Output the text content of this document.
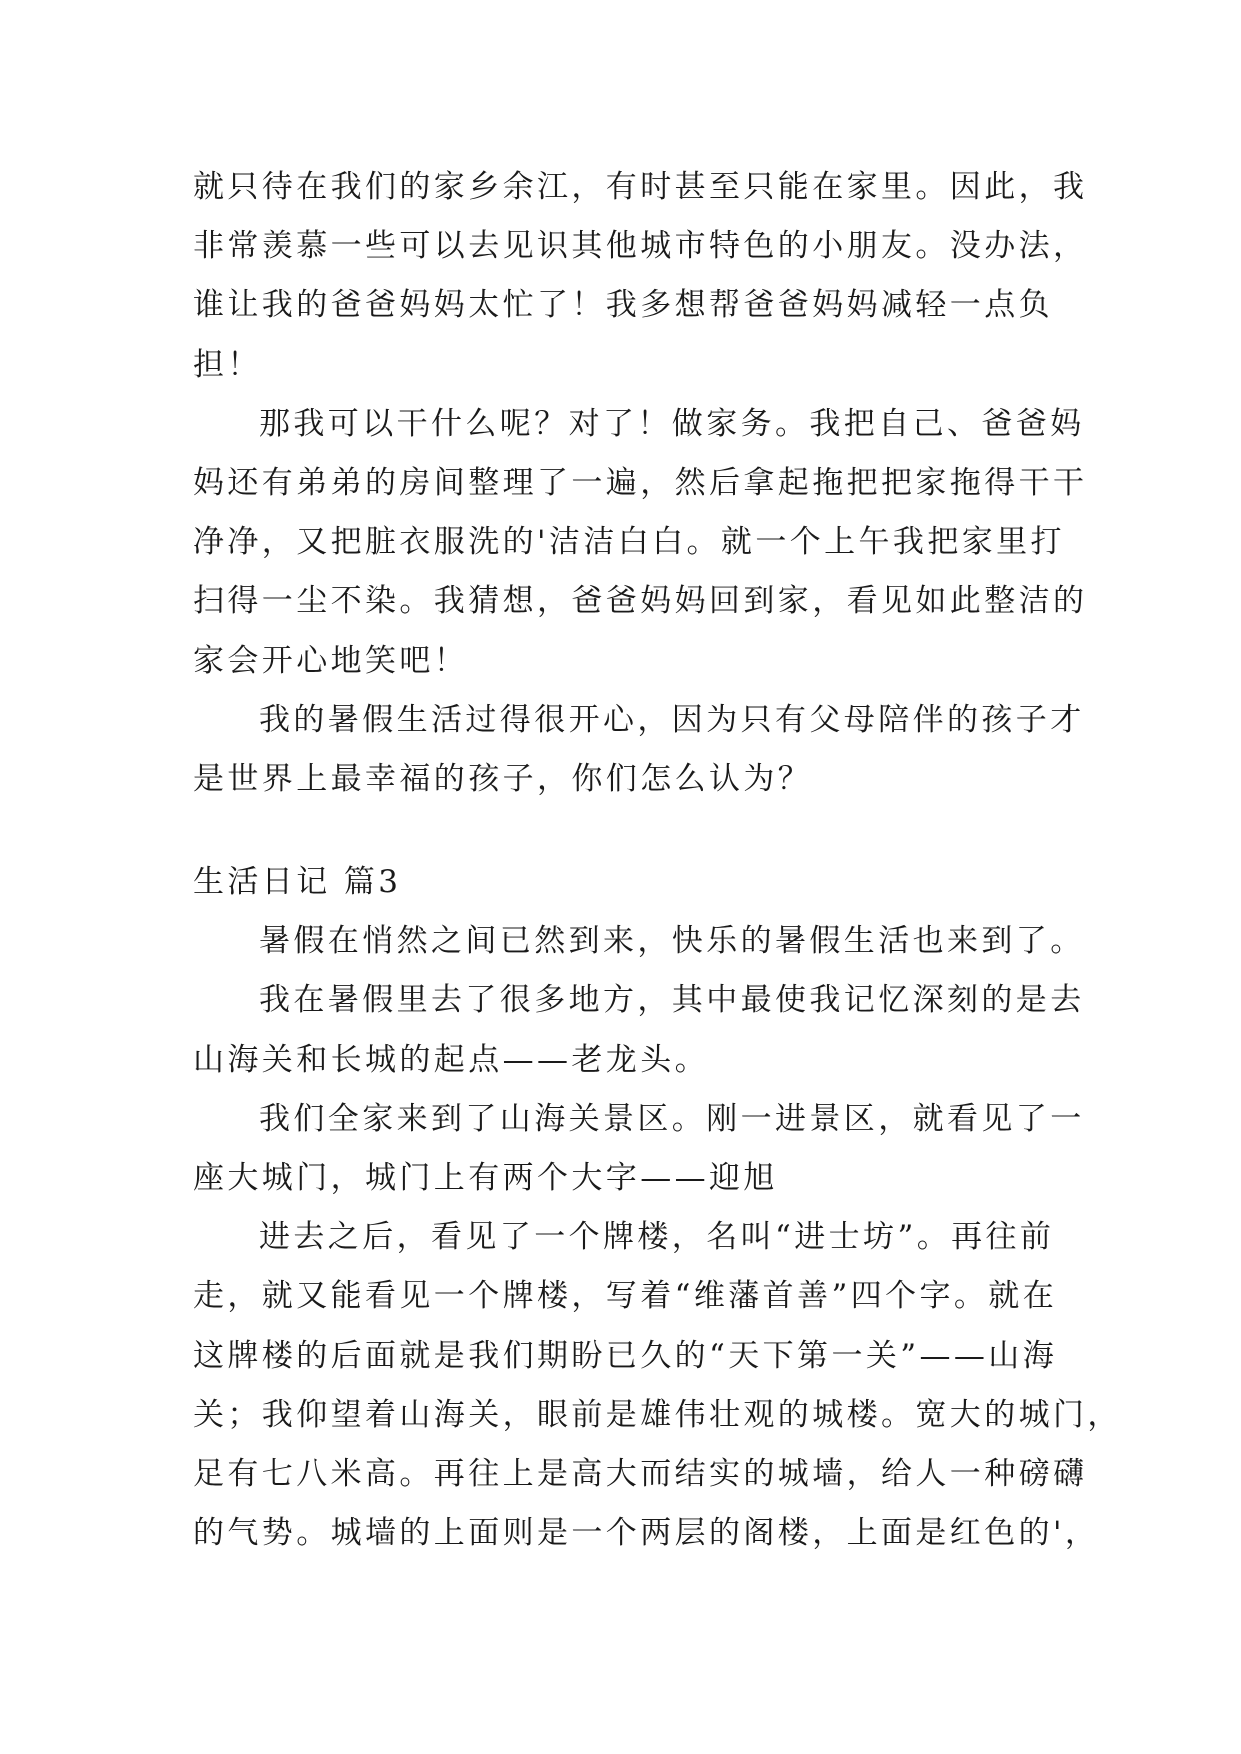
就只待在我们的家乡余江，有时甚至只能在家里。因此，我
非常羡慕一些可以去见识其他城市特色的小朋友。没办法，
谁让我的爸爸妈妈太忙了！我多想帮爸爸妈妈减轻一点负
担！
那我可以干什么呢？对了！做家务。我把自己、爸爸妈
妈还有弟弟的房间整理了一遍，然后拿起拖把把家拖得干干
净净，又把脏衣服洗的'洁洁白白。就一个上午我把家里打
扫得一尘不染。我猜想，爸爸妈妈回到家，看见如此整洁的
家会开心地笑吧！
我的暑假生活过得很开心，因为只有父母陪伴的孩子才
是世界上最幸福的孩子，你们怎么认为？
生活日记 篇3
暑假在悄然之间已然到来，快乐的暑假生活也来到了。
我在暑假里去了很多地方，其中最使我记忆深刻的是去
山海关和长城的起点——老龙头。
我们全家来到了山海关景区。刚一进景区，就看见了一
座大城门，城门上有两个大字——迎旭
进去之后，看见了一个牌楼，名叫“进士坊”。再往前
走，就又能看见一个牌楼，写着“维藩首善”四个字。就在
这牌楼的后面就是我们期盼已久的“天下第一关”——山海
关；我仰望着山海关，眼前是雄伟壮观的城楼。宽大的城门，
足有七八米高。再往上是高大而结实的城墙，给人一种磅礴
的气势。城墙的上面则是一个两层的阁楼，上面是红色的'，
